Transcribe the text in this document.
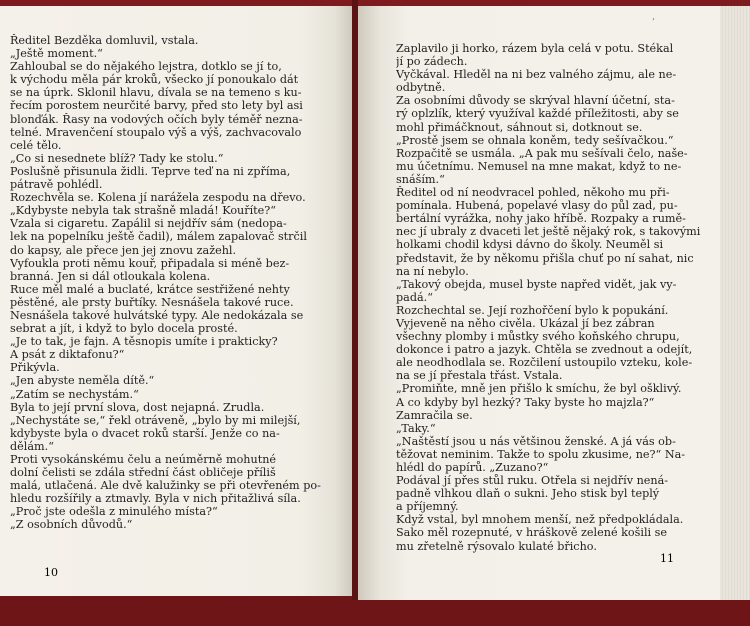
Ředitel Bezděka domluvil, vstala.
„Ještě moment.“
Zahloubal se do nějakého lejstra, dotklo se jí to,
k východu měla pár kroků, všecko jí ponoukalo dát
se na úprk. Sklonil hlavu, dívala se na temeno s ku-
řecím porostem neurčité barvy, před sto lety byl asi
blonďák. Řasy na vodových očích byly téměř nezna-
telné. Mravenčení stoupalo výš a výš, zachvacovalo
celé tělo.
„Co si nesednete blíž? Tady ke stolu.“
Poslušně přisunula židli. Teprve teď na ni zpříma,
pátravě pohlédl.
Rozechvěla se. Kolena jí narážela zespodu na dřevo.
„Kdybyste nebyla tak strašně mladá! Kouříte?“
Vzala si cigaretu. Zapálil si nejdřív sám (nedopa-
lek na popelníku ještě čadil), málem zapalovač strčil
do kapsy, ale přece jen jej znovu zažehl.
Vyfoukla proti němu kouř, připadala si méně bez-
branná. Jen si dál otloukala kolena.
Ruce měl malé a buclaté, krátce sestřižené nehty
pěstěné, ale prsty buřtíky. Nesnášela takové ruce.
Nesnášela takové hulvátské typy. Ale nedokázala se
sebrat a jít, i když to bylo docela prosté.
„Je to tak, je fajn. A těsnopis umíte i prakticky?
A psát z diktafonu?“
Přikývla.
„Jen abyste neměla dítě.“
„Zatím se nechystám.“
Byla to její první slova, dost nejapná. Zrudla.
„Nechystáte se,“ řekl otráveně, „bylo by mi milejší,
kdybyste byla o dvacet roků starší. Jenže co na-
dělám.“
Proti vysokánskému čelu a neúměrně mohutné
dolní čelisti se zdála střední část obličeje příliš
malá, utlačená. Ale dvě kalužinky se při otevřeném po-
hledu rozšířily a ztmavly. Byla v nich přitažlivá síla.
„Proč jste odešla z minulého místa?“
„Z osobních důvodů.“
10
Zaplavilo ji horko, rázem byla celá v potu. Stékal
jí po zádech.
Vyčkával. Hleděl na ni bez valného zájmu, ale ne-
odbytně.
Za osobními důvody se skrýval hlavní účetní, sta-
rý oplzlík, který využíval každé příležitosti, aby se
mohl přimáčknout, sáhnout si, dotknout se.
„Prostě jsem se ohnala koněm, tedy sešívačkou.“
Rozpačitě se usmála. „A pak mu sešívali čelo, naše-
mu účetnímu. Nemusel na mne makat, když to ne-
snáším.“
Ředitel od ní neodvracel pohled, někoho mu při-
pomínala. Hubená, popelavé vlasy do půl zad, pu-
bertální vyrážka, nohy jako hříbě. Rozpaky a rumě-
nec jí ubraly z dvaceti let ještě nějaký rok, s takovými
holkami chodil kdysi dávno do školy. Neuměl si
představit, že by někomu přišla chuť po ní sahat, nic
na ní nebylo.
„Takový obejda, musel byste napřed vidět, jak vy-
padá.“
Rozchechtal se. Její rozhořčení bylo k popukání.
Vyjeveně na něho civěla. Ukázal jí bez zábran
všechny plomby i můstky svého koňského chrupu,
dokonce i patro a jazyk. Chtěla se zvednout a odejít,
ale neodhodlala se. Rozčilení ustoupilo vzteku, kole-
na se jí přestala třást. Vstala.
„Promiňte, mně jen přišlo k smíchu, že byl ošklivý.
A co kdyby byl hezký? Taky byste ho majzla?“
Zamračila se.
„Taky.“
„Naštěstí jsou u nás většinou ženské. A já vás ob-
těžovat neminim. Takže to spolu zkusime, ne?“ Na-
hlédl do papírů. „Zuzano?“
Podával jí přes stůl ruku. Otřela si nejdřív nená-
padně vlhkou dlaň o sukni. Jeho stisk byl teplý
a příjemný.
Když vstal, byl mnohem menší, než předpokládala.
Sako měl rozepnuté, v hráškově zelené košili se
mu zřetelně rýsovalo kulaté břicho.
’
11
